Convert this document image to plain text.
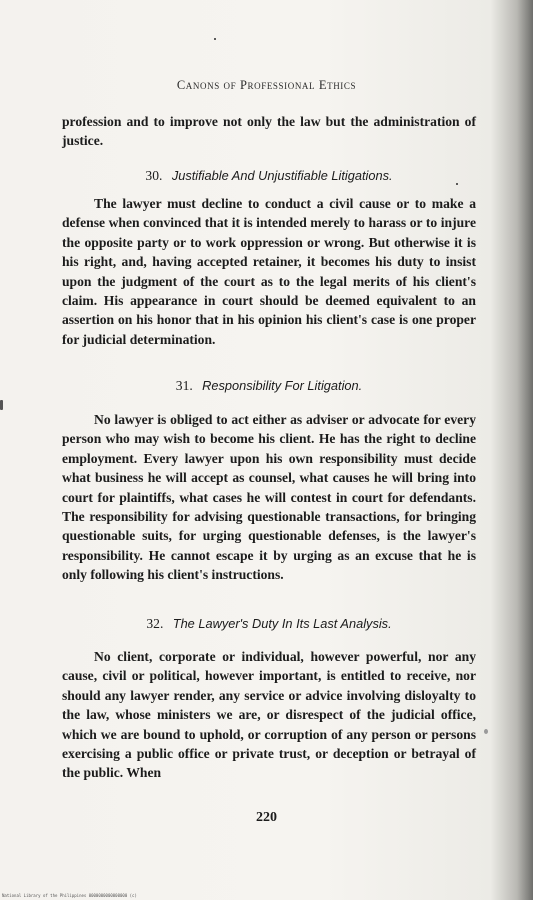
Canons of Professional Ethics

profession and to improve not only the law but the administration of justice.

30. Justifiable And Unjustifiable Litigations.

The lawyer must decline to conduct a civil cause or to make a defense when convinced that it is intended merely to harass or to injure the opposite party or to work oppression or wrong. But otherwise it is his right, and, having accepted retainer, it becomes his duty to insist upon the judgment of the court as to the legal merits of his client's claim. His appearance in court should be deemed equivalent to an assertion on his honor that in his opinion his client's case is one proper for judicial determination.

31. Responsibility For Litigation.

No lawyer is obliged to act either as adviser or advocate for every person who may wish to become his client. He has the right to decline employment. Every lawyer upon his own responsibility must decide what business he will accept as counsel, what causes he will bring into court for plaintiffs, what cases he will contest in court for defendants. The responsibility for advising questionable transactions, for bringing questionable suits, for urging questionable defenses, is the lawyer's responsibility. He cannot escape it by urging as an excuse that he is only following his client's instructions.

32. The Lawyer's Duty In Its Last Analysis.

No client, corporate or individual, however powerful, nor any cause, civil or political, however important, is entitled to receive, nor should any lawyer render, any service or advice involving disloyalty to the law, whose ministers we are, or disrespect of the judicial office, which we are bound to uphold, or corruption of any person or persons exercising a public office or private trust, or deception or betrayal of the public. When

220
National Library of the Philippines 0000000000000000 (c)
